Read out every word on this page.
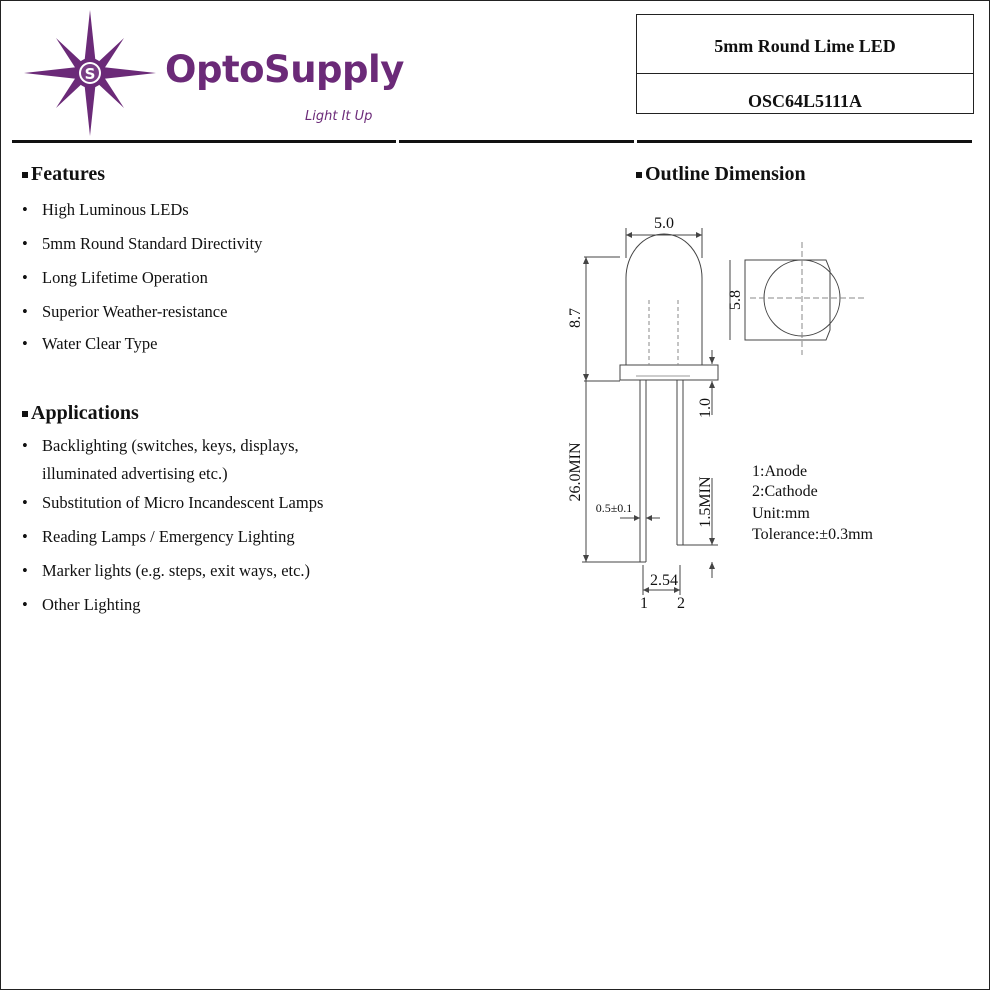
S OptoSupply
Light It Up
5mm Round Lime LED
OSC64L5111A
Features
• High Luminous LEDs
• 5mm Round Standard Directivity
• Long Lifetime Operation
• Superior Weather-resistance
• Water Clear Type
Applications
• Backlighting (switches, keys, displays,
illuminated advertising etc.)
• Substitution of Micro Incandescent Lamps
• Reading Lamps / Emergency Lighting
• Marker lights (e.g. steps, exit ways, etc.)
• Other Lighting
Outline Dimension
5.0
8.7
5.8
1.0
26.0MIN
1.5MIN
0.5±0.1
2.54
1 2
1:Anode
2:Cathode
Unit:mm
Tolerance:±0.3mm
